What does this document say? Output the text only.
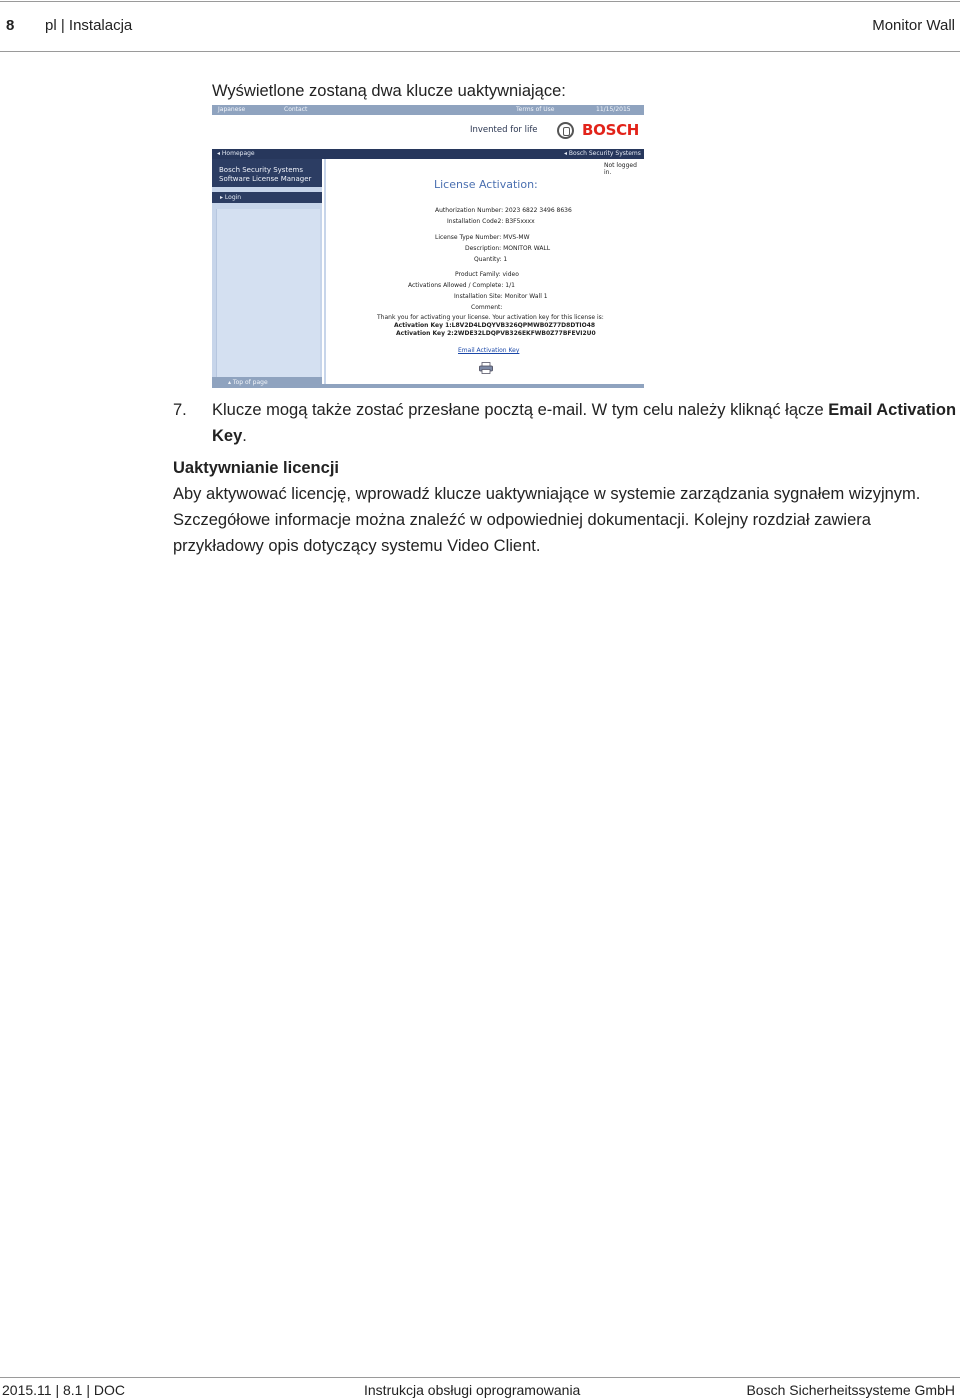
8 pl | Instalacja	Monitor Wall
Wyświetlone zostaną dwa klucze uaktywniające:
Japanese	Contact	Terms of Use	11/15/2015
Invented for life	BOSCH
◂ Homepage	◂ Bosch Security Systems
Bosch Security Systems
Software License Manager
▸ Login
▴ Top of page
Not logged in.
License Activation:
Authorization Number: 2023 6822 3496 8636
Installation Code2: B3F5xxxx
License Type Number: MVS-MW
Description: MONITOR WALL
Quantity: 1
Product Family: video
Activations Allowed / Complete: 1/1
Installation Site: Monitor Wall 1
Comment:
Thank you for activating your license. Your activation key for this license is:
Activation Key 1:L8V2D4LDQYVB326QPMWB0Z77D8DTIO48
Activation Key 2:2WDE32LDQPVB326EKFWB0Z77BFEVI2U0
Email Activation Key
7. Klucze mogą także zostać przesłane pocztą e-mail. W tym celu należy kliknąć łącze Email Activation Key.
Uaktywnianie licencji
Aby aktywować licencję, wprowadź klucze uaktywniające w systemie zarządzania sygnałem wizyjnym. Szczegółowe informacje można znaleźć w odpowiedniej dokumentacji. Kolejny rozdział zawiera przykładowy opis dotyczący systemu Video Client.
2015.11 | 8.1 | DOC	Instrukcja obsługi oprogramowania	Bosch Sicherheitssysteme GmbH
